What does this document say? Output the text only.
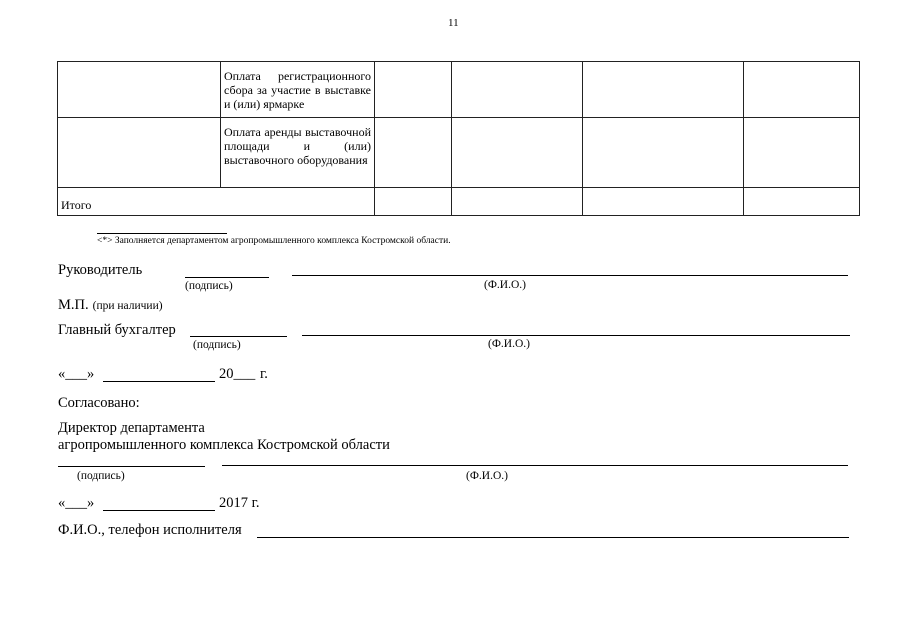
11

	Оплата регистрационного сбора за участие в выставке и (или) ярмарке				

	Оплата аренды выставочной площади и (или) выставочного оборудования				

Итого					

<*> Заполняется департаментом агропромышленного комплекса Костромской области.
Руководитель
(подпись)	(Ф.И.О.)
М.П. (при наличии)
Главный бухгалтер
(подпись)	(Ф.И.О.)
«___»	20___ г.
Согласовано:
Директор департамента
агропромышленного комплекса Костромской области
(подпись)	(Ф.И.О.)
«___»	2017 г.
Ф.И.О., телефон исполнителя
